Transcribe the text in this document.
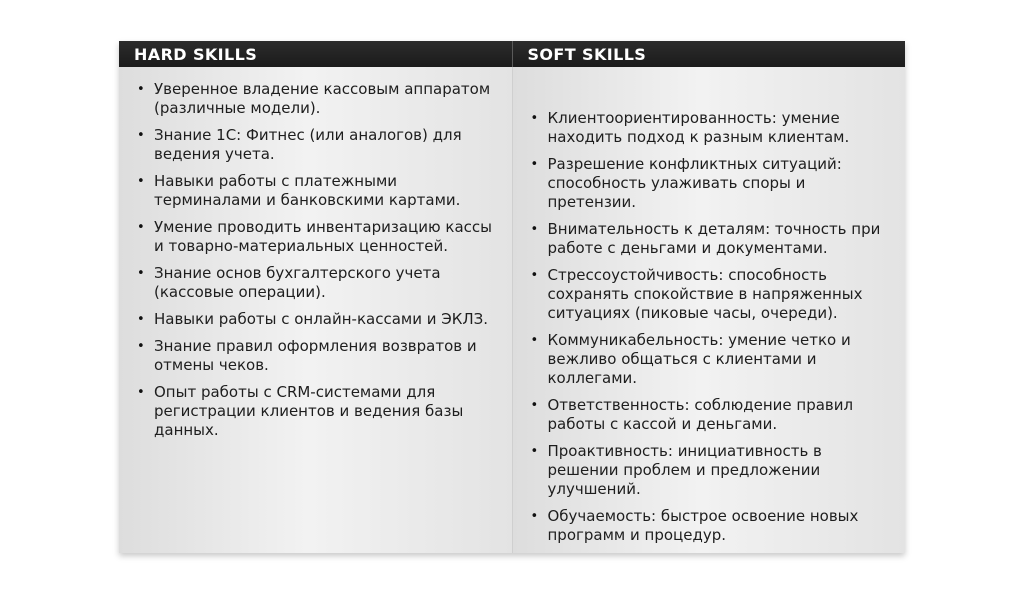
HARD SKILLS	SOFT SKILLS
• Уверенное владение кассовым аппаратом (различные модели).
• Знание 1С: Фитнес (или аналогов) для ведения учета.
• Навыки работы с платежными терминалами и банковскими картами.
• Умение проводить инвентаризацию кассы и товарно-материальных ценностей.
• Знание основ бухгалтерского учета (кассовые операции).
• Навыки работы с онлайн-кассами и ЭКЛЗ.
• Знание правил оформления возвратов и отмены чеков.
• Опыт работы с CRM-системами для регистрации клиентов и ведения базы данных.
• Клиентоориентированность: умение находить подход к разным клиентам.
• Разрешение конфликтных ситуаций: способность улаживать споры и претензии.
• Внимательность к деталям: точность при работе с деньгами и документами.
• Стрессоустойчивость: способность сохранять спокойствие в напряженных ситуациях (пиковые часы, очереди).
• Коммуникабельность: умение четко и вежливо общаться с клиентами и коллегами.
• Ответственность: соблюдение правил работы с кассой и деньгами.
• Проактивность: инициативность в решении проблем и предложении улучшений.
• Обучаемость: быстрое освоение новых программ и процедур.
